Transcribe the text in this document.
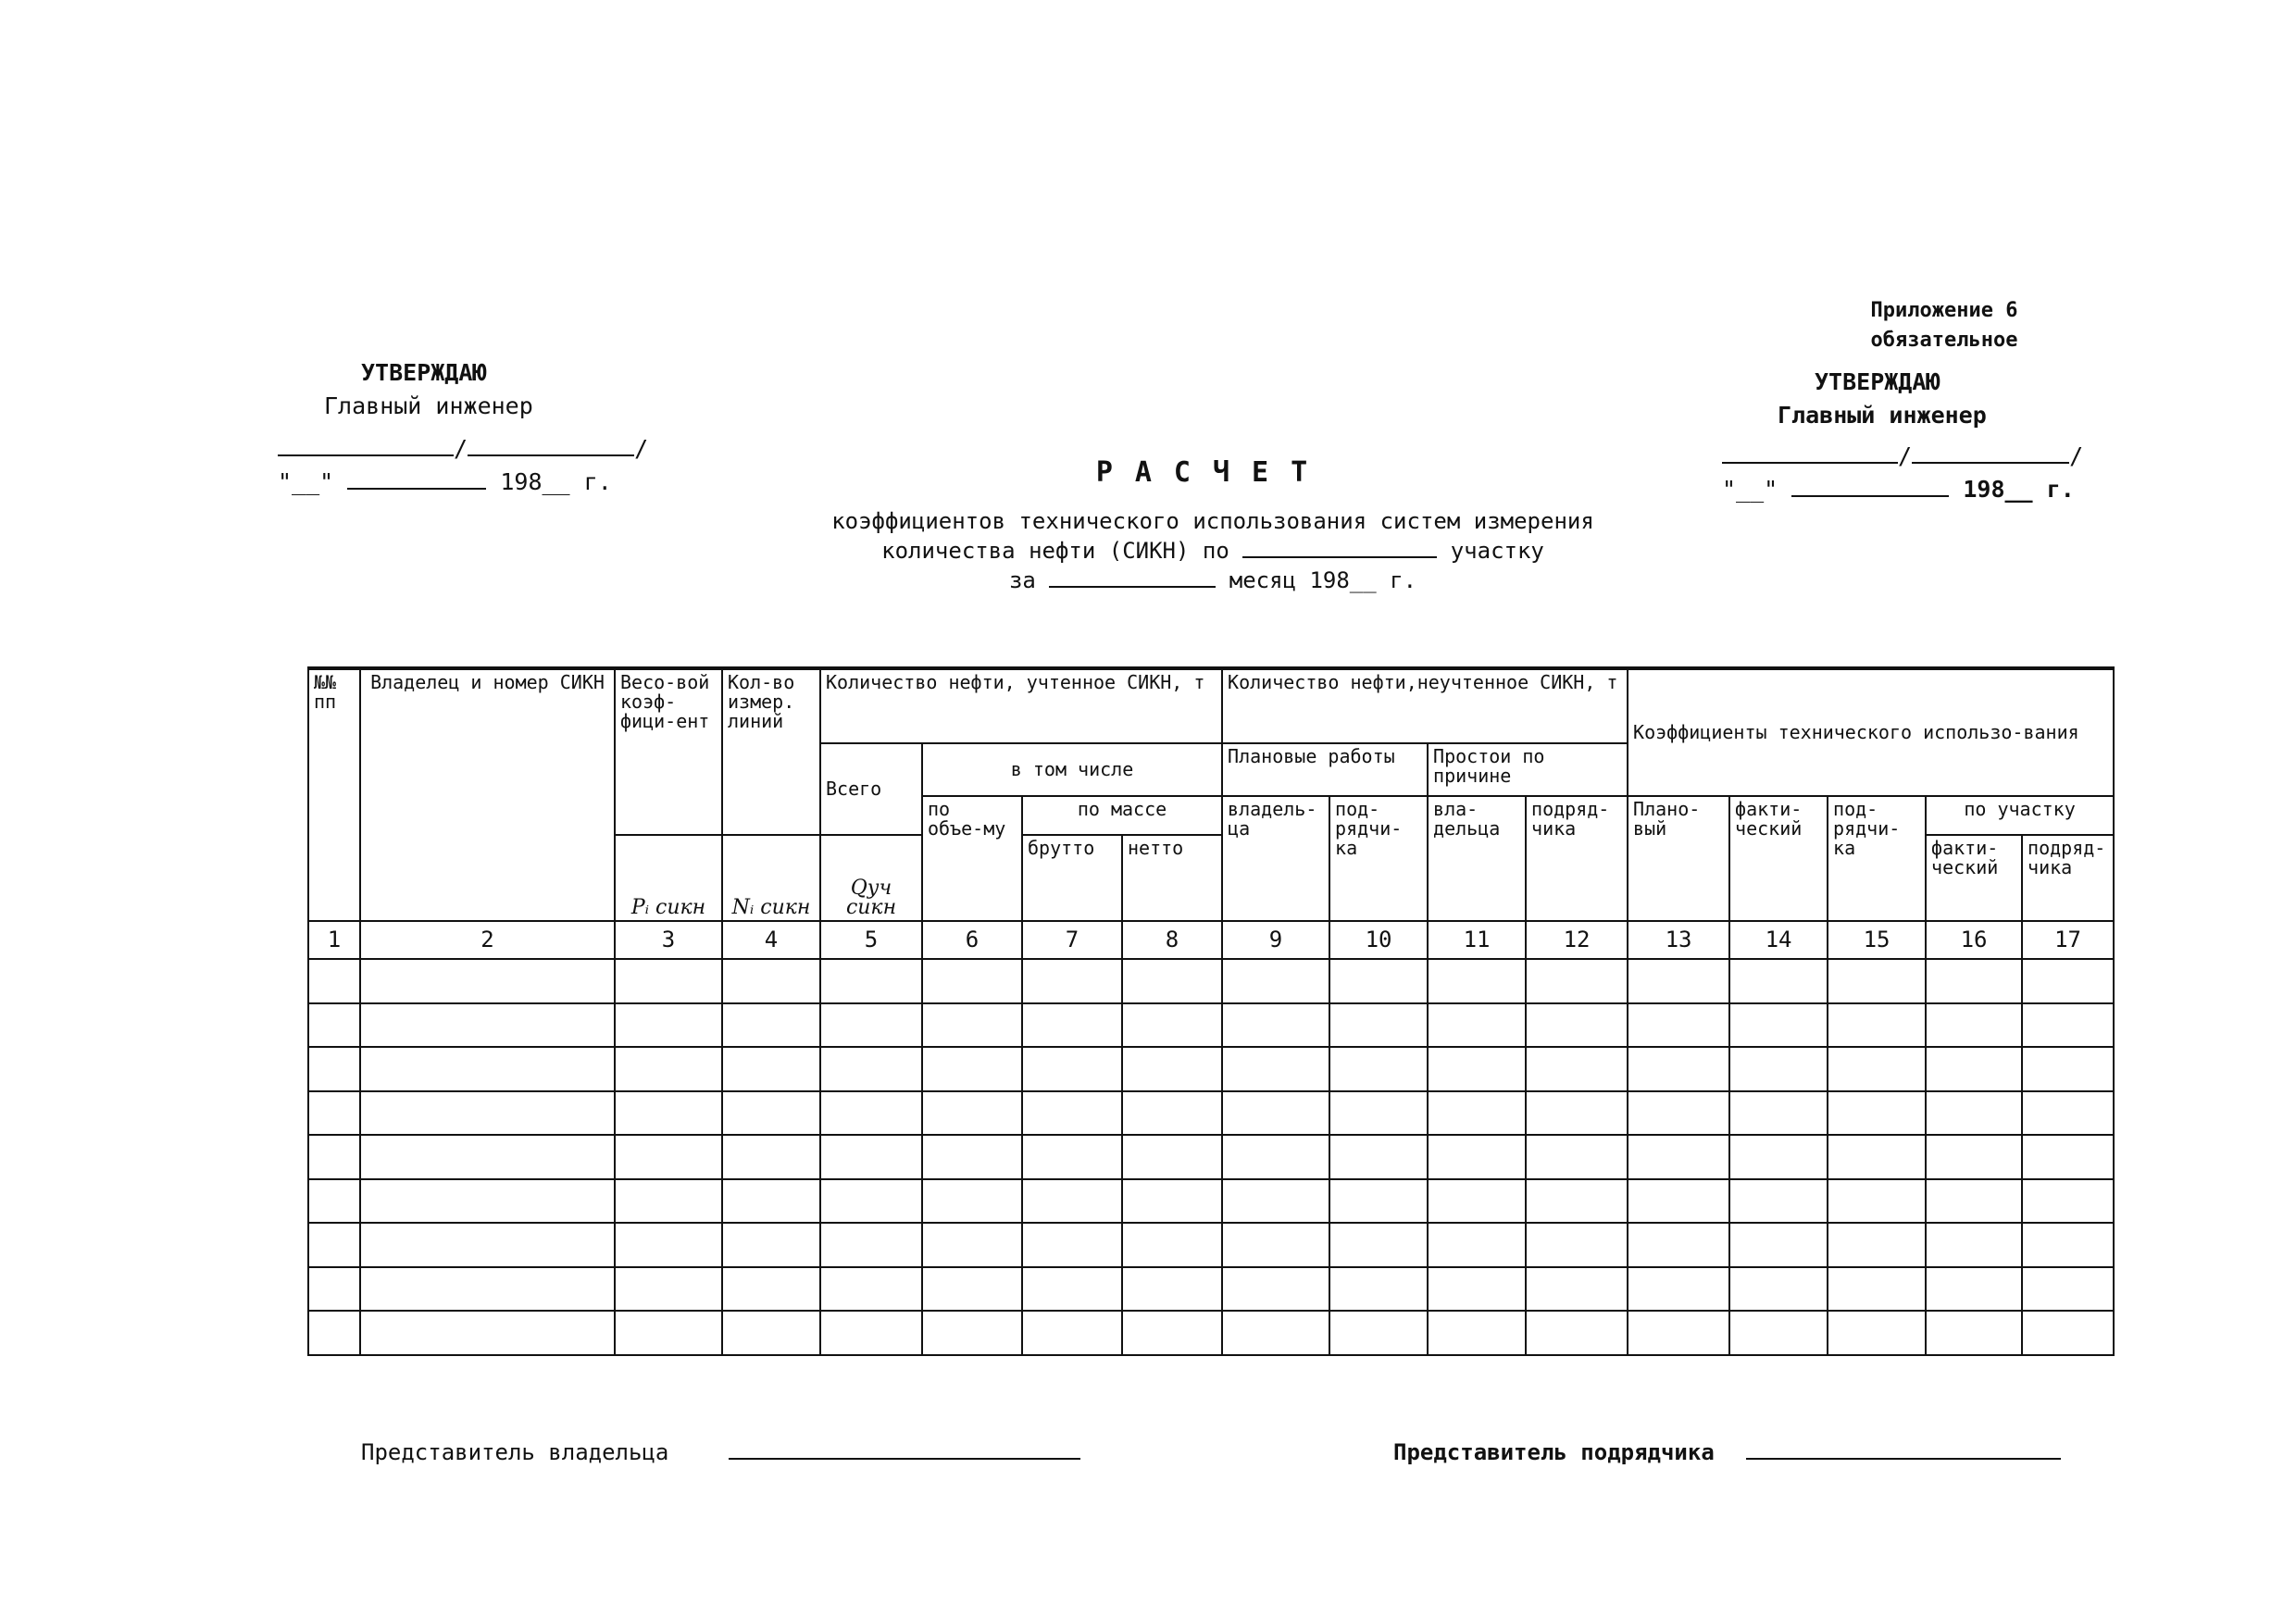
Приложение 6
обязательное
УТВЕРЖДАЮ
Главный инженер
/	/
"__"	198__ г.
УТВЕРЖДАЮ
Главный инженер
/	/
"__"	198__ г.
РАСЧЕТ
коэффициентов технического использования систем измерения
количества нефти (СИКН) по	участку
за	месяц 198__ г.
№№ пп	Владелец и номер СИКН	Весо-вой коэф-фици-ент	Кол-во измер. линий	Количество нефти, учтенное СИКН, т				Количество нефти,неучтенное СИКН, т				Коэффициенты технического использо-вания				
				Всего	в том числе			Плановые работы		Простои по причине						
					по объе-му	по массе		владель-ца	под-рядчи-ка	вла-дельца	подряд-чика	Плано-вый	факти-ческий	под-рядчи-ка	по участку	
		Pᵢ сикн	Nᵢ сикн	Qуч сикн		брутто	нетто								факти-ческий	подряд-чика
1	2	3	4	5	6	7	8	9	10	11	12	13	14	15	16	17

Представитель владельца	Представитель подрядчика
